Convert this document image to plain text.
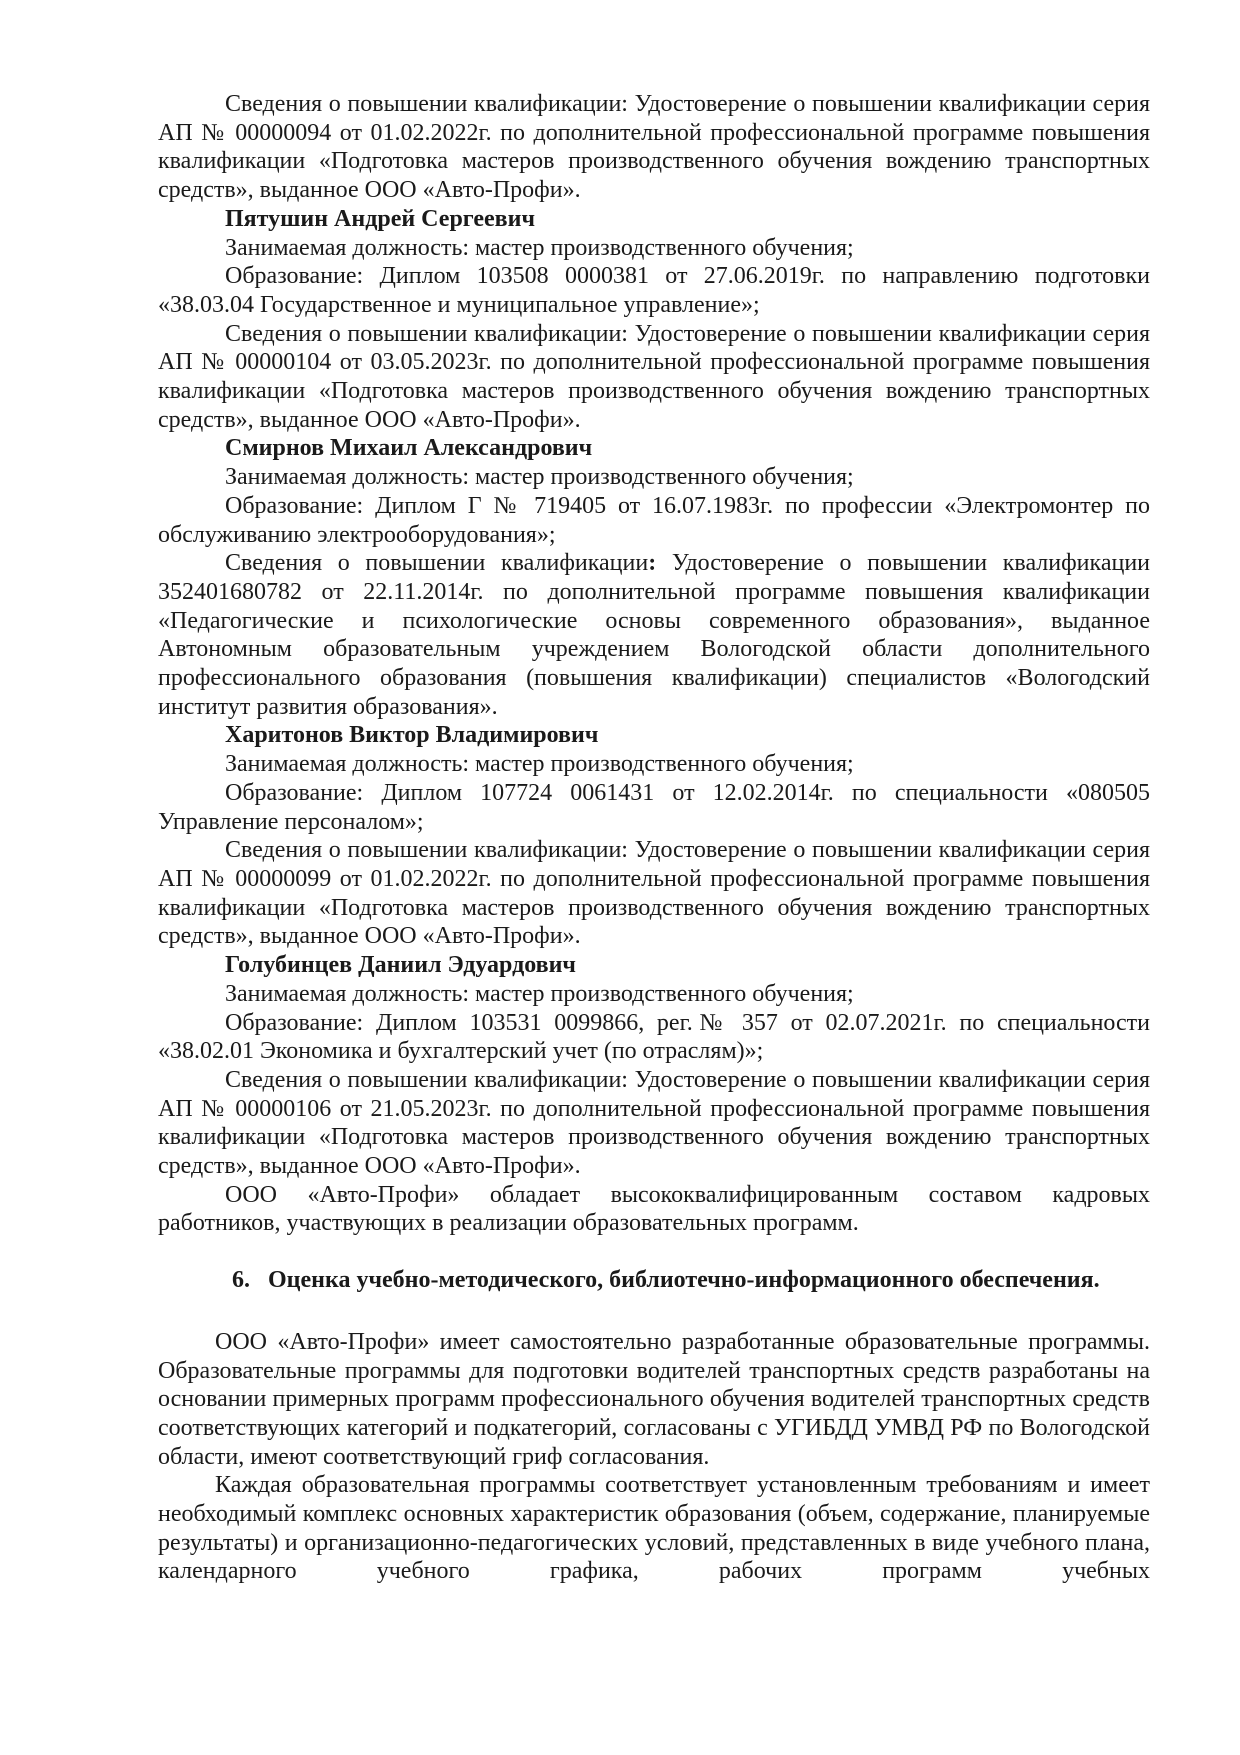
Сведения о повышении квалификации: Удостоверение о повышении квалификации серия АП № 00000094 от 01.02.2022г. по дополнительной профессиональной программе повышения квалификации «Подготовка мастеров производственного обучения вождению транспортных средств», выданное ООО «Авто-Профи».

Пятушин Андрей Сергеевич

Занимаемая должность: мастер производственного обучения;

Образование: Диплом 103508 0000381 от 27.06.2019г. по направлению подготовки «38.03.04 Государственное и муниципальное управление»;

Сведения о повышении квалификации: Удостоверение о повышении квалификации серия АП № 00000104 от 03.05.2023г. по дополнительной профессиональной программе повышения квалификации «Подготовка мастеров производственного обучения вождению транспортных средств», выданное ООО «Авто-Профи».

Смирнов Михаил Александрович

Занимаемая должность: мастер производственного обучения;

Образование: Диплом Г № 719405 от 16.07.1983г. по профессии «Электромонтер по обслуживанию электрооборудования»;

Сведения о повышении квалификации: Удостоверение о повышении квалификации 352401680782 от 22.11.2014г. по дополнительной программе повышения квалификации «Педагогические и психологические основы современного образования», выданное Автономным образовательным учреждением Вологодской области дополнительного профессионального образования (повышения квалификации) специалистов «Вологодский институт развития образования».

Харитонов Виктор Владимирович

Занимаемая должность: мастер производственного обучения;

Образование: Диплом 107724 0061431 от 12.02.2014г. по специальности «080505 Управление персоналом»;

Сведения о повышении квалификации: Удостоверение о повышении квалификации серия АП № 00000099 от 01.02.2022г. по дополнительной профессиональной программе повышения квалификации «Подготовка мастеров производственного обучения вождению транспортных средств», выданное ООО «Авто-Профи».

Голубинцев Даниил Эдуардович

Занимаемая должность: мастер производственного обучения;

Образование: Диплом 103531 0099866, рег.№ 357 от 02.07.2021г. по специальности «38.02.01 Экономика и бухгалтерский учет (по отраслям)»;

Сведения о повышении квалификации: Удостоверение о повышении квалификации серия АП № 00000106 от 21.05.2023г. по дополнительной профессиональной программе повышения квалификации «Подготовка мастеров производственного обучения вождению транспортных средств», выданное ООО «Авто-Профи».

ООО «Авто-Профи» обладает высококвалифицированным составом кадровых работников, участвующих в реализации образовательных программ.

6. Оценка учебно-методического, библиотечно-информационного обеспечения.

ООО «Авто-Профи» имеет самостоятельно разработанные образовательные программы. Образовательные программы для подготовки водителей транспортных средств разработаны на основании примерных программ профессионального обучения водителей транспортных средств соответствующих категорий и подкатегорий, согласованы с УГИБДД УМВД РФ по Вологодской области, имеют соответствующий гриф согласования.

Каждая образовательная программы соответствует установленным требованиям и имеет необходимый комплекс основных характеристик образования (объем, содержание, планируемые результаты) и организационно-педагогических условий, представленных в виде учебного плана, календарного учебного графика, рабочих программ учебных
